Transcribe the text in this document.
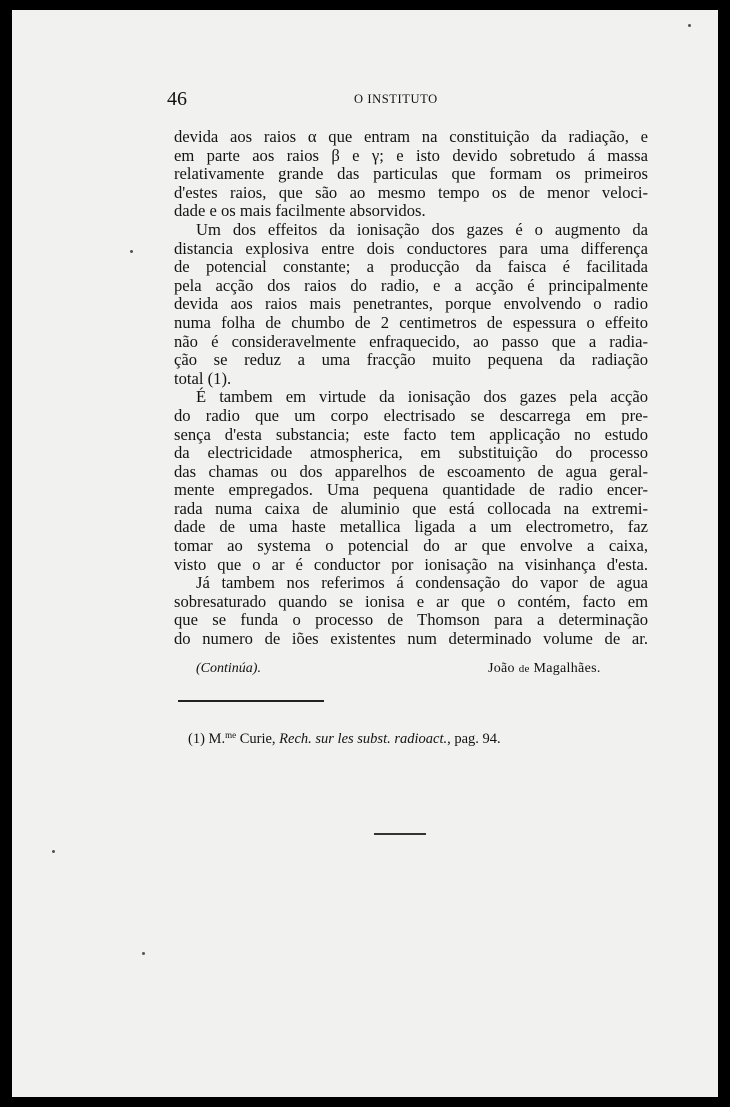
46	O INSTITUTO

devida aos raios α que entram na constituição da radiação, e
em parte aos raios β e γ; e isto devido sobretudo á massa
relativamente grande das particulas que formam os primeiros
d'estes raios, que são ao mesmo tempo os de menor veloci-
dade e os mais facilmente absorvidos.

Um dos effeitos da ionisação dos gazes é o augmento da
distancia explosiva entre dois conductores para uma differença
de potencial constante; a producção da faisca é facilitada
pela acção dos raios do radio, e a acção é principalmente
devida aos raios mais penetrantes, porque envolvendo o radio
numa folha de chumbo de 2 centimetros de espessura o effeito
não é consideravelmente enfraquecido, ao passo que a radia-
ção se reduz a uma fracção muito pequena da radiação
total (1).

É tambem em virtude da ionisação dos gazes pela acção
do radio que um corpo electrisado se descarrega em pre-
sença d'esta substancia; este facto tem applicação no estudo
da electricidade atmospherica, em substituição do processo
das chamas ou dos apparelhos de escoamento de agua geral-
mente empregados. Uma pequena quantidade de radio encer-
rada numa caixa de aluminio que está collocada na extremi-
dade de uma haste metallica ligada a um electrometro, faz
tomar ao systema o potencial do ar que envolve a caixa,
visto que o ar é conductor por ionisação na visinhança d'esta.

Já tambem nos referimos á condensação do vapor de agua
sobresaturado quando se ionisa e ar que o contém, facto em
que se funda o processo de Thomson para a determinação
do numero de iões existentes num determinado volume de ar.

(Continúa).	João de Magalhães.
(1) M.$^{me}$ Curie, Rech. sur les subst. radioact., pag. 94.
